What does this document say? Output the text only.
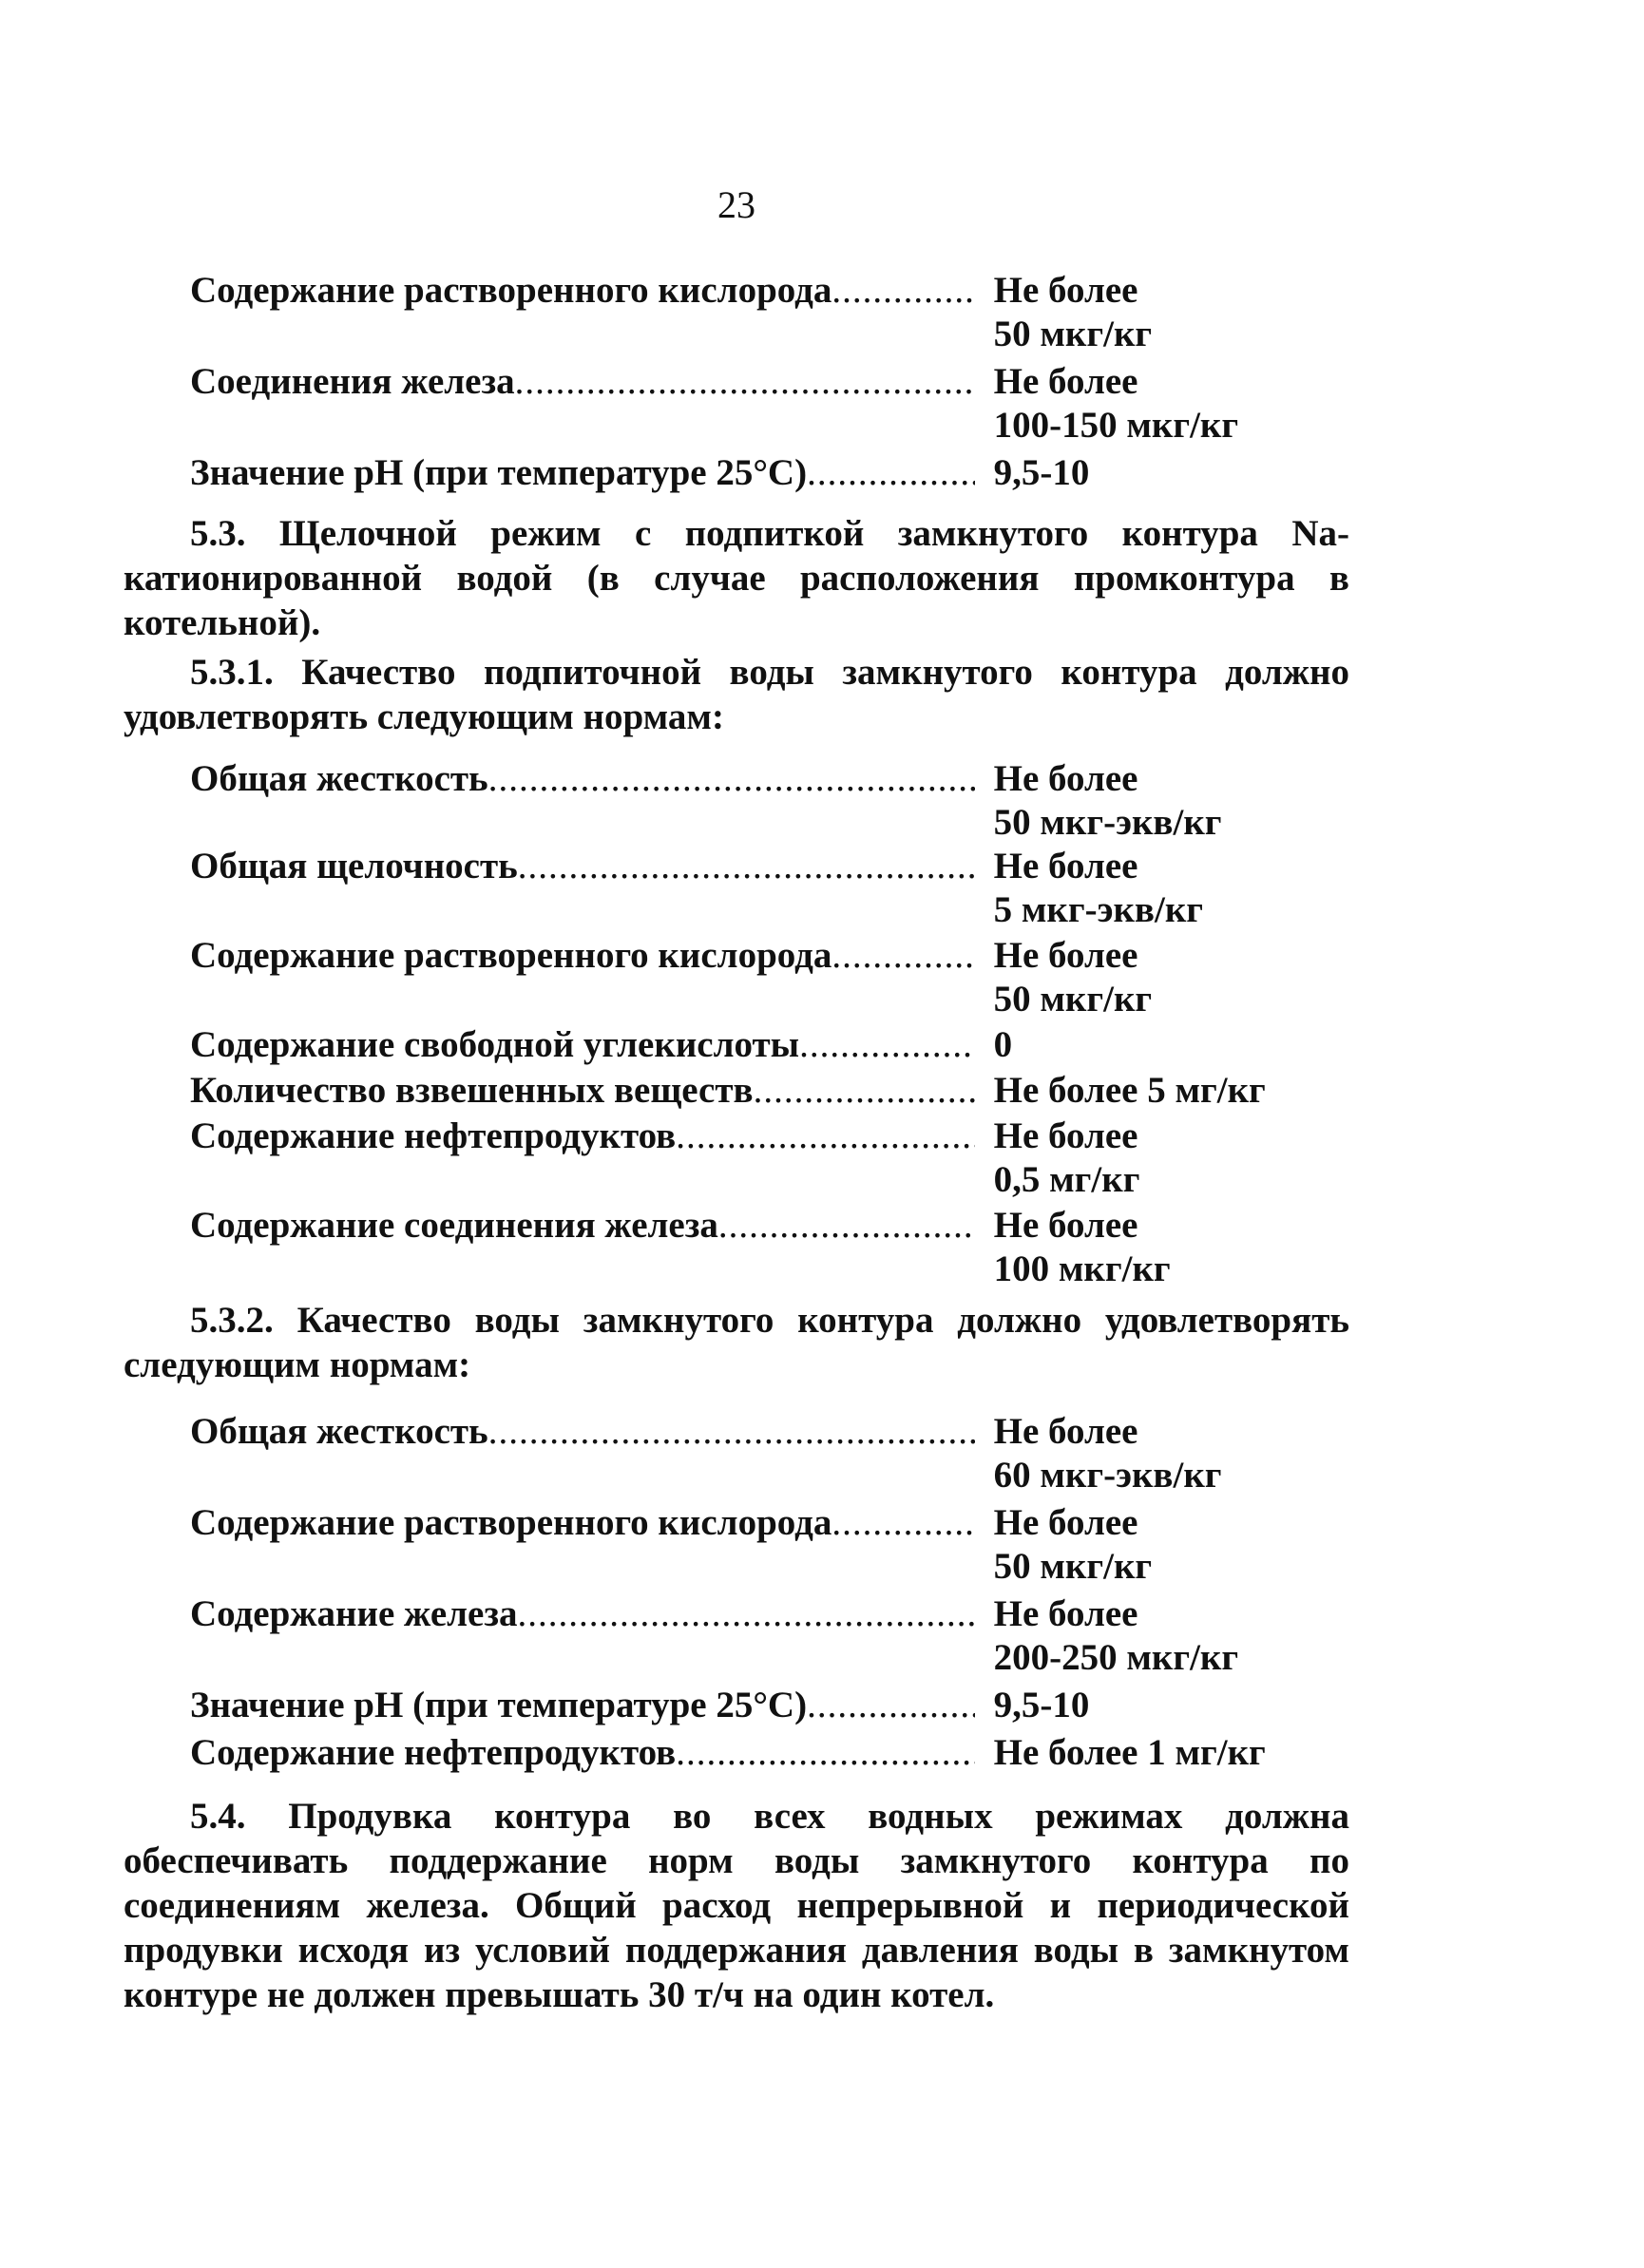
23
Содержание растворенного кислорода .....	Не более
50 мкг/кг
Соединения железа .....	Не более
100-150 мкг/кг
Значение pH (при температуре 25°С) .....	9,5-10

5.3. Щелочной режим с подпиткой замкнутого контура Na-катионированной водой (в случае расположения промконтура в котельной).

5.3.1. Качество подпиточной воды замкнутого контура должно удовлетворять следующим нормам:

Общая жесткость .....	Не более
50 мкг-экв/кг
Общая щелочность .....	Не более
5 мкг-экв/кг
Содержание растворенного кислорода .....	Не более
50 мкг/кг
Содержание свободной углекислоты .....	0
Количество взвешенных веществ .....	Не более 5 мг/кг
Содержание нефтепродуктов .....	Не более
0,5 мг/кг
Содержание соединения железа .....	Не более
100 мкг/кг

5.3.2. Качество воды замкнутого контура должно удовлетворять следующим нормам:

Общая жесткость .....	Не более
60 мкг-экв/кг
Содержание растворенного кислорода .....	Не более
50 мкг/кг
Содержание железа .....	Не более
200-250 мкг/кг
Значение pH (при температуре 25°С) .....	9,5-10
Содержание нефтепродуктов .....	Не более 1 мг/кг

5.4. Продувка контура во всех водных режимах должна обеспечивать поддержание норм воды замкнутого контура по соединениям железа. Общий расход непрерывной и периодической продувки исходя из условий поддержания давления воды в замкнутом контуре не должен превышать 30 т/ч на один котел.
